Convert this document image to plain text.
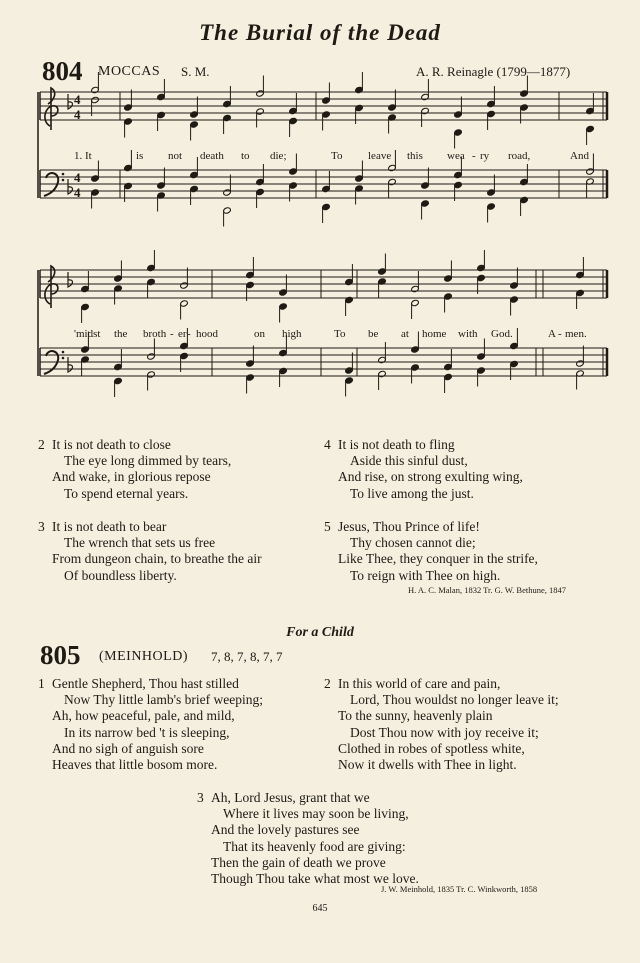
The Burial of the Dead
804 MOCCAS S. M.	A. R. Reinagle (1799—1877)
4
4
4
4
1. It	is not death to die;	To leave this wea - ry road,	And
'midst the broth - er - hood	on high	To be at home with God.	A - men.
2 It is not death to close
The eye long dimmed by tears,
And wake, in glorious repose
To spend eternal years.
3 It is not death to bear
The wrench that sets us free
From dungeon chain, to breathe the air
Of boundless liberty.
4 It is not death to fling
Aside this sinful dust,
And rise, on strong exulting wing,
To live among the just.
5 Jesus, Thou Prince of life!
Thy chosen cannot die;
Like Thee, they conquer in the strife,
To reign with Thee on high.
H. A. C. Malan, 1832 Tr. G. W. Bethune, 1847
For a Child
805 (MEINHOLD) 7, 8, 7, 8, 7, 7
1 Gentle Shepherd, Thou hast stilled
Now Thy little lamb's brief weeping;
Ah, how peaceful, pale, and mild,
In its narrow bed 't is sleeping,
And no sigh of anguish sore
Heaves that little bosom more.
2 In this world of care and pain,
Lord, Thou wouldst no longer leave it;
To the sunny, heavenly plain
Dost Thou now with joy receive it;
Clothed in robes of spotless white,
Now it dwells with Thee in light.
3 Ah, Lord Jesus, grant that we
Where it lives may soon be living,
And the lovely pastures see
That its heavenly food are giving:
Then the gain of death we prove
Though Thou take what most we love.
J. W. Meinhold, 1835 Tr. C. Winkworth, 1858
645
